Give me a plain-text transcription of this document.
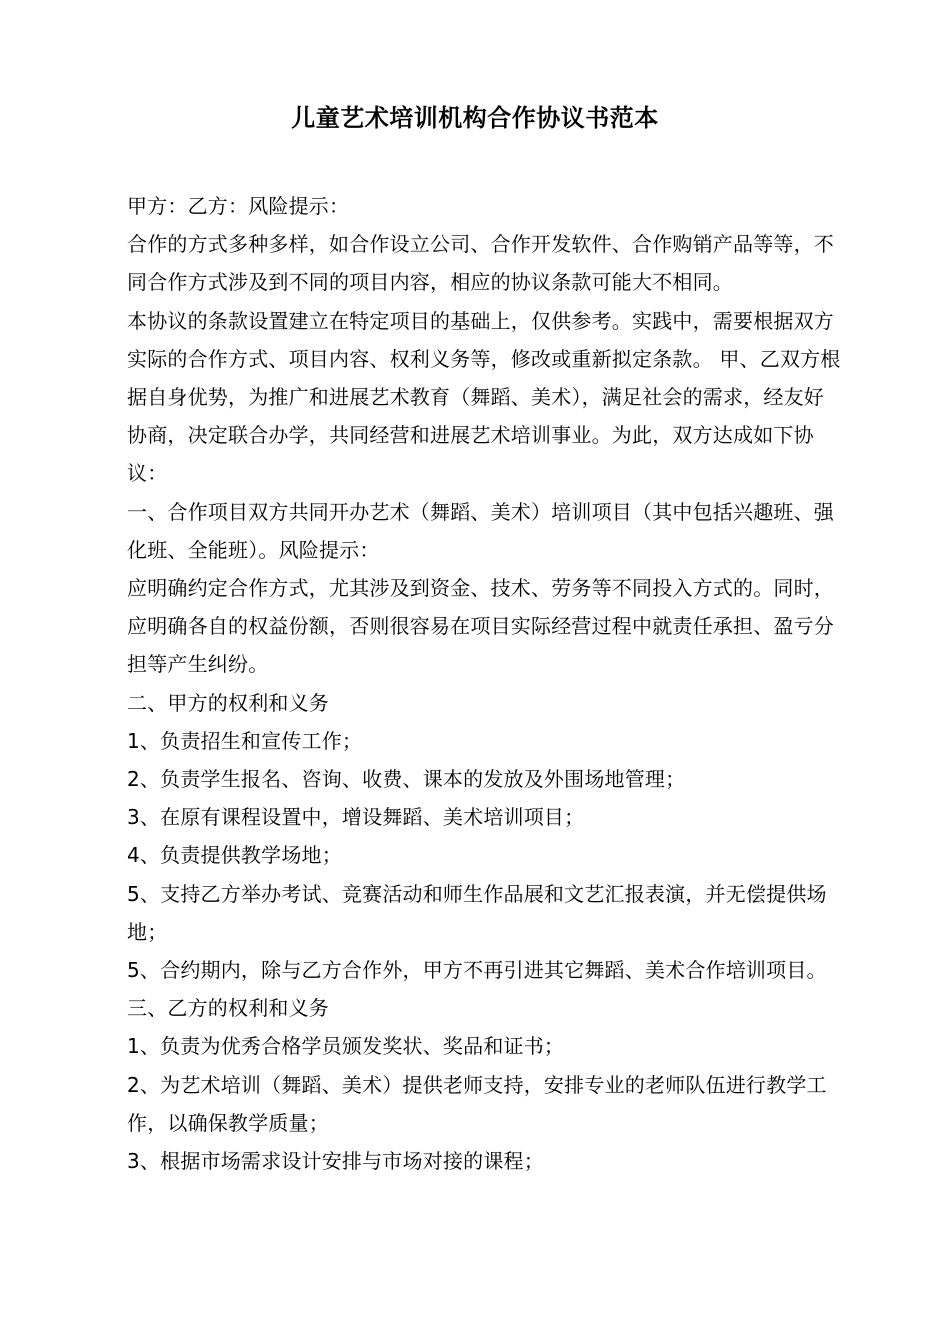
儿童艺术培训机构合作协议书范本

甲方：乙方：风险提示：

合作的方式多种多样，如合作设立公司、合作开发软件、合作购销产品等等，不同合作方式涉及到不同的项目内容，相应的协议条款可能大不相同。

本协议的条款设置建立在特定项目的基础上，仅供参考。实践中，需要根据双方实际的合作方式、项目内容、权利义务等，修改或重新拟定条款。 甲、乙双方根据自身优势，为推广和进展艺术教育（舞蹈、美术），满足社会的需求，经友好协商，决定联合办学，共同经营和进展艺术培训事业。为此，双方达成如下协议：

一、合作项目双方共同开办艺术（舞蹈、美术）培训项目（其中包括兴趣班、强化班、全能班）。风险提示：

应明确约定合作方式，尤其涉及到资金、技术、劳务等不同投入方式的。同时，应明确各自的权益份额，否则很容易在项目实际经营过程中就责任承担、盈亏分担等产生纠纷。

二、甲方的权利和义务

1、负责招生和宣传工作；

2、负责学生报名、咨询、收费、课本的发放及外围场地管理；

3、在原有课程设置中，增设舞蹈、美术培训项目；

4、负责提供教学场地；

5、支持乙方举办考试、竞赛活动和师生作品展和文艺汇报表演，并无偿提供场地；

5、合约期内，除与乙方合作外，甲方不再引进其它舞蹈、美术合作培训项目。

三、乙方的权利和义务

1、负责为优秀合格学员颁发奖状、奖品和证书；

2、为艺术培训（舞蹈、美术）提供老师支持，安排专业的老师队伍进行教学工作，以确保教学质量；

3、根据市场需求设计安排与市场对接的课程；
